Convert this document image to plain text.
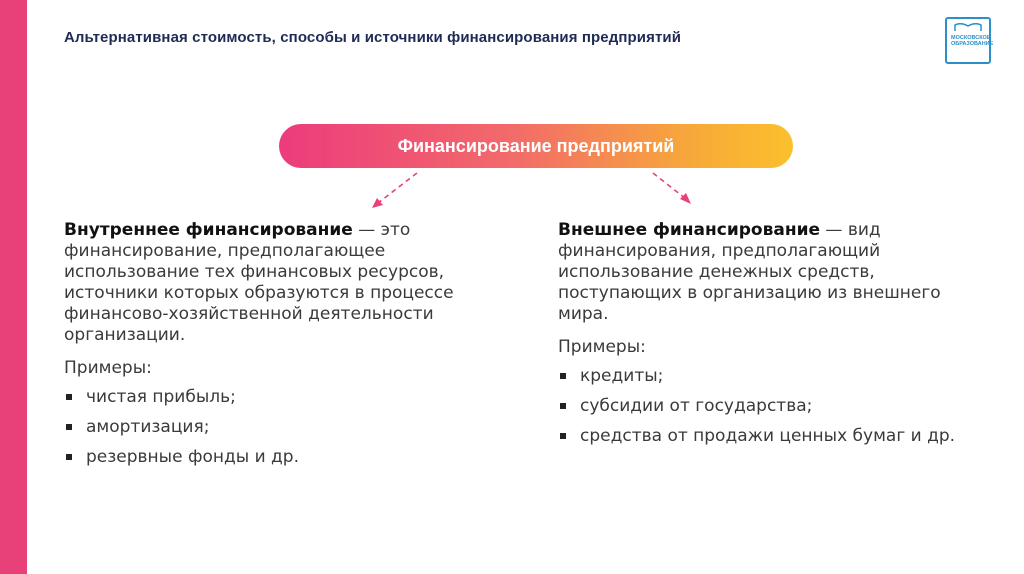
Альтернативная стоимость, способы и источники финансирования предприятий	МОСКОВСКОЕ
ОБРАЗОВАНИЕ
Финансирование предприятий

Внутреннее финансирование — это финансирование, предполагающее использование тех финансовых ресурсов, источники которых образуются в процессе финансово-хозяйственной деятельности организации.

Примеры:

чистая прибыль;
амортизация;
резервные фонды и др.

Внешнее финансирование — вид финансирования, предполагающий использование денежных средств, поступающих в организацию из внешнего мира.

Примеры:

кредиты;
субсидии от государства;
средства от продажи ценных бумаг и др.
